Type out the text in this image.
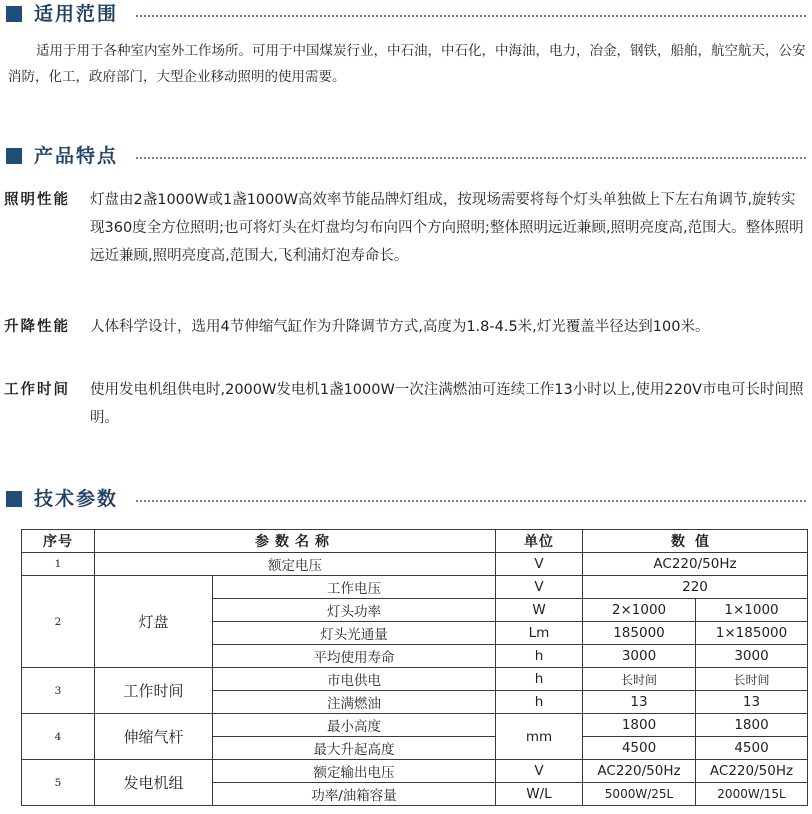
适用范围
适用于用于各种室内室外工作场所。可用于中国煤炭行业，中石油，中石化，中海油，电力，冶金，钢铁，船舶，航空航天，公安消防，化工，政府部门，大型企业移动照明的使用需要。
产品特点
照明性能 灯盘由2盏1000W或1盏1000W高效率节能品牌灯组成，按现场需要将每个灯头单独做上下左右角调节,旋转实现360度全方位照明;也可将灯头在灯盘均匀布向四个方向照明;整体照明远近兼顾,照明亮度高,范围大。整体照明远近兼顾,照明亮度高,范围大,飞利浦灯泡寿命长。
升降性能 人体科学设计，选用4节伸缩气缸作为升降调节方式,高度为1.8-4.5米,灯光覆盖半径达到100米。
工作时间 使用发电机组供电时,2000W发电机1盏1000W一次注满燃油可连续工作13小时以上,使用220V市电可长时间照明。
技术参数
序号	参数名称		单位	数值	
1	额定电压		V	AC220/50Hz	
2	灯盘	工作电压	V	220	
		灯头功率	W	2×1000	1×1000
		灯头光通量	Lm	185000	1×185000
		平均使用寿命	h	3000	3000
3	工作时间	市电供电	h	长时间	长时间
		注满燃油	h	13	13
4	伸缩气杆	最小高度	mm	1800	1800
		最大升起高度		4500	4500
5	发电机组	额定输出电压	V	AC220/50Hz	AC220/50Hz
		功率/油箱容量	W/L	5000W/25L	2000W/15L
